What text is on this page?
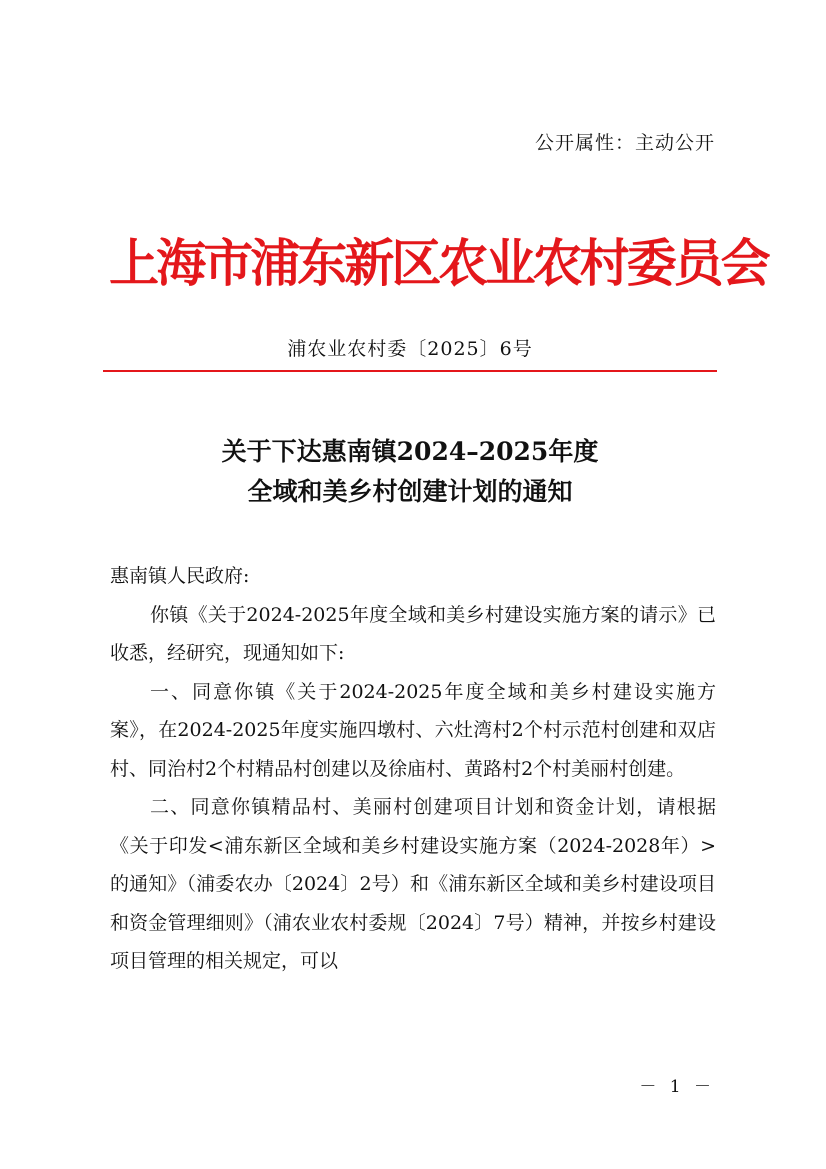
公开属性：主动公开
上海市浦东新区农业农村委员会
浦农业农村委〔2025〕6号
关于下达惠南镇2024–2025年度
全域和美乡村创建计划的通知

惠南镇人民政府:

你镇《关于2024-2025年度全域和美乡村建设实施方案的请示》已收悉，经研究，现通知如下:

一、同意你镇《关于2024-2025年度全域和美乡村建设实施方案》，在2024-2025年度实施四墩村、六灶湾村2个村示范村创建和双店村、同治村2个村精品村创建以及徐庙村、黄路村2个村美丽村创建。

二、同意你镇精品村、美丽村创建项目计划和资金计划，请根据《关于印发<浦东新区全域和美乡村建设实施方案（2024-2028年）>的通知》（浦委农办〔2024〕2号）和《浦东新区全域和美乡村建设项目和资金管理细则》（浦农业农村委规〔2024〕7号）精神，并按乡村建设项目管理的相关规定，可以

－ 1 －
